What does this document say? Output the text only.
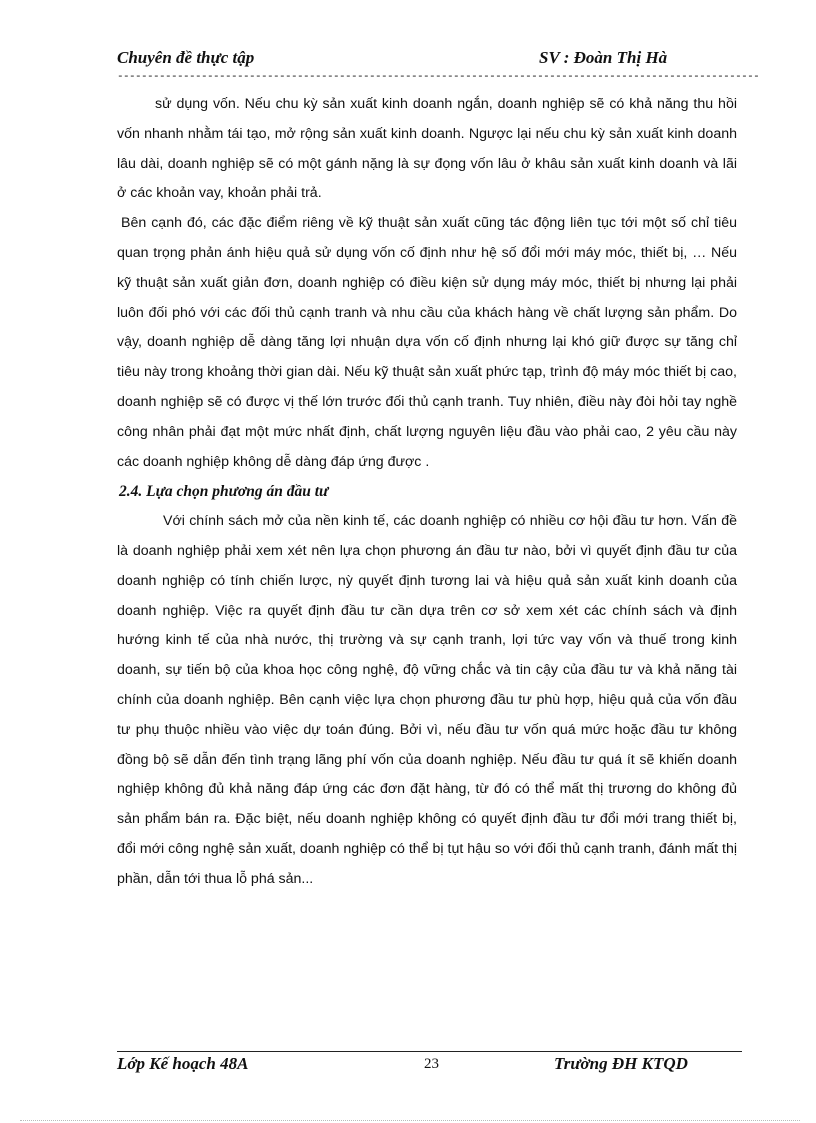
Chuyên đề thực tập	SV : Đoàn Thị Hà
-----------------------------------------------------------------------------------------------------------

sử dụng vốn. Nếu chu kỳ sản xuất kinh doanh ngắn, doanh nghiệp sẽ có khả năng thu hồi vốn nhanh nhằm tái tạo, mở rộng sản xuất kinh doanh. Ngược lại nếu chu kỳ sản xuất kinh doanh lâu dài, doanh nghiệp sẽ có một gánh nặng là sự đọng vốn lâu ở khâu sản xuất kinh doanh và lãi ở các khoản vay, khoản phải trả.

Bên cạnh đó, các đặc điểm riêng về kỹ thuật sản xuất cũng tác động liên tục tới một số chỉ tiêu quan trọng phản ánh hiệu quả sử dụng vốn cố định như hệ số đổi mới máy móc, thiết bị, … Nếu kỹ thuật sản xuất giản đơn, doanh nghiệp có điều kiện sử dụng máy móc, thiết bị nhưng lại phải luôn đối phó với các đối thủ cạnh tranh và nhu cầu của khách hàng về chất lượng sản phẩm. Do vậy, doanh nghiệp dễ dàng tăng lợi nhuận dựa vốn cố định nhưng lại khó giữ được sự tăng chỉ tiêu này trong khoảng thời gian dài. Nếu kỹ thuật sản xuất phức tạp, trình độ máy móc thiết bị cao, doanh nghiệp sẽ có được vị thế lớn trước đối thủ cạnh tranh. Tuy nhiên, điều này đòi hỏi tay nghề công nhân phải đạt một mức nhất định, chất lượng nguyên liệu đầu vào phải cao, 2 yêu cầu này các doanh nghiệp không dễ dàng đáp ứng được .

2.4. Lựa chọn phương án đầu tư

Với chính sách mở của nền kinh tế, các doanh nghiệp có nhiều cơ hội đầu tư hơn. Vấn đề là doanh nghiệp phải xem xét nên lựa chọn phương án đầu tư nào, bởi vì quyết định đầu tư của doanh nghiệp có tính chiến lược, nỳ quyết định tương lai và hiệu quả sản xuất kinh doanh của doanh nghiệp. Việc ra quyết định đầu tư cần dựa trên cơ sở xem xét các chính sách và định hướng kinh tế của nhà nước, thị trường và sự cạnh tranh, lợi tức vay vốn và thuế trong kinh doanh, sự tiến bộ của khoa học công nghệ, độ vững chắc và tin cậy của đầu tư và khả năng tài chính của doanh nghiệp. Bên cạnh việc lựa chọn phương đầu tư phù hợp, hiệu quả của vốn đầu tư phụ thuộc nhiều vào việc dự toán đúng. Bởi vì, nếu đầu tư vốn quá mức hoặc đầu tư không đồng bộ sẽ dẫn đến tình trạng lãng phí vốn của doanh nghiệp. Nếu đầu tư quá ít sẽ khiến doanh nghiệp không đủ khả năng đáp ứng các đơn đặt hàng, từ đó có thể mất thị trương do không đủ sản phẩm bán ra. Đặc biệt, nếu doanh nghiệp không có quyết định đầu tư đổi mới trang thiết bị, đổi mới công nghệ sản xuất, doanh nghiệp có thể bị tụt hậu so với đối thủ cạnh tranh, đánh mất thị phần, dẫn tới thua lỗ phá sản...

Lớp Kế hoạch 48A	23	Trường ĐH KTQD
